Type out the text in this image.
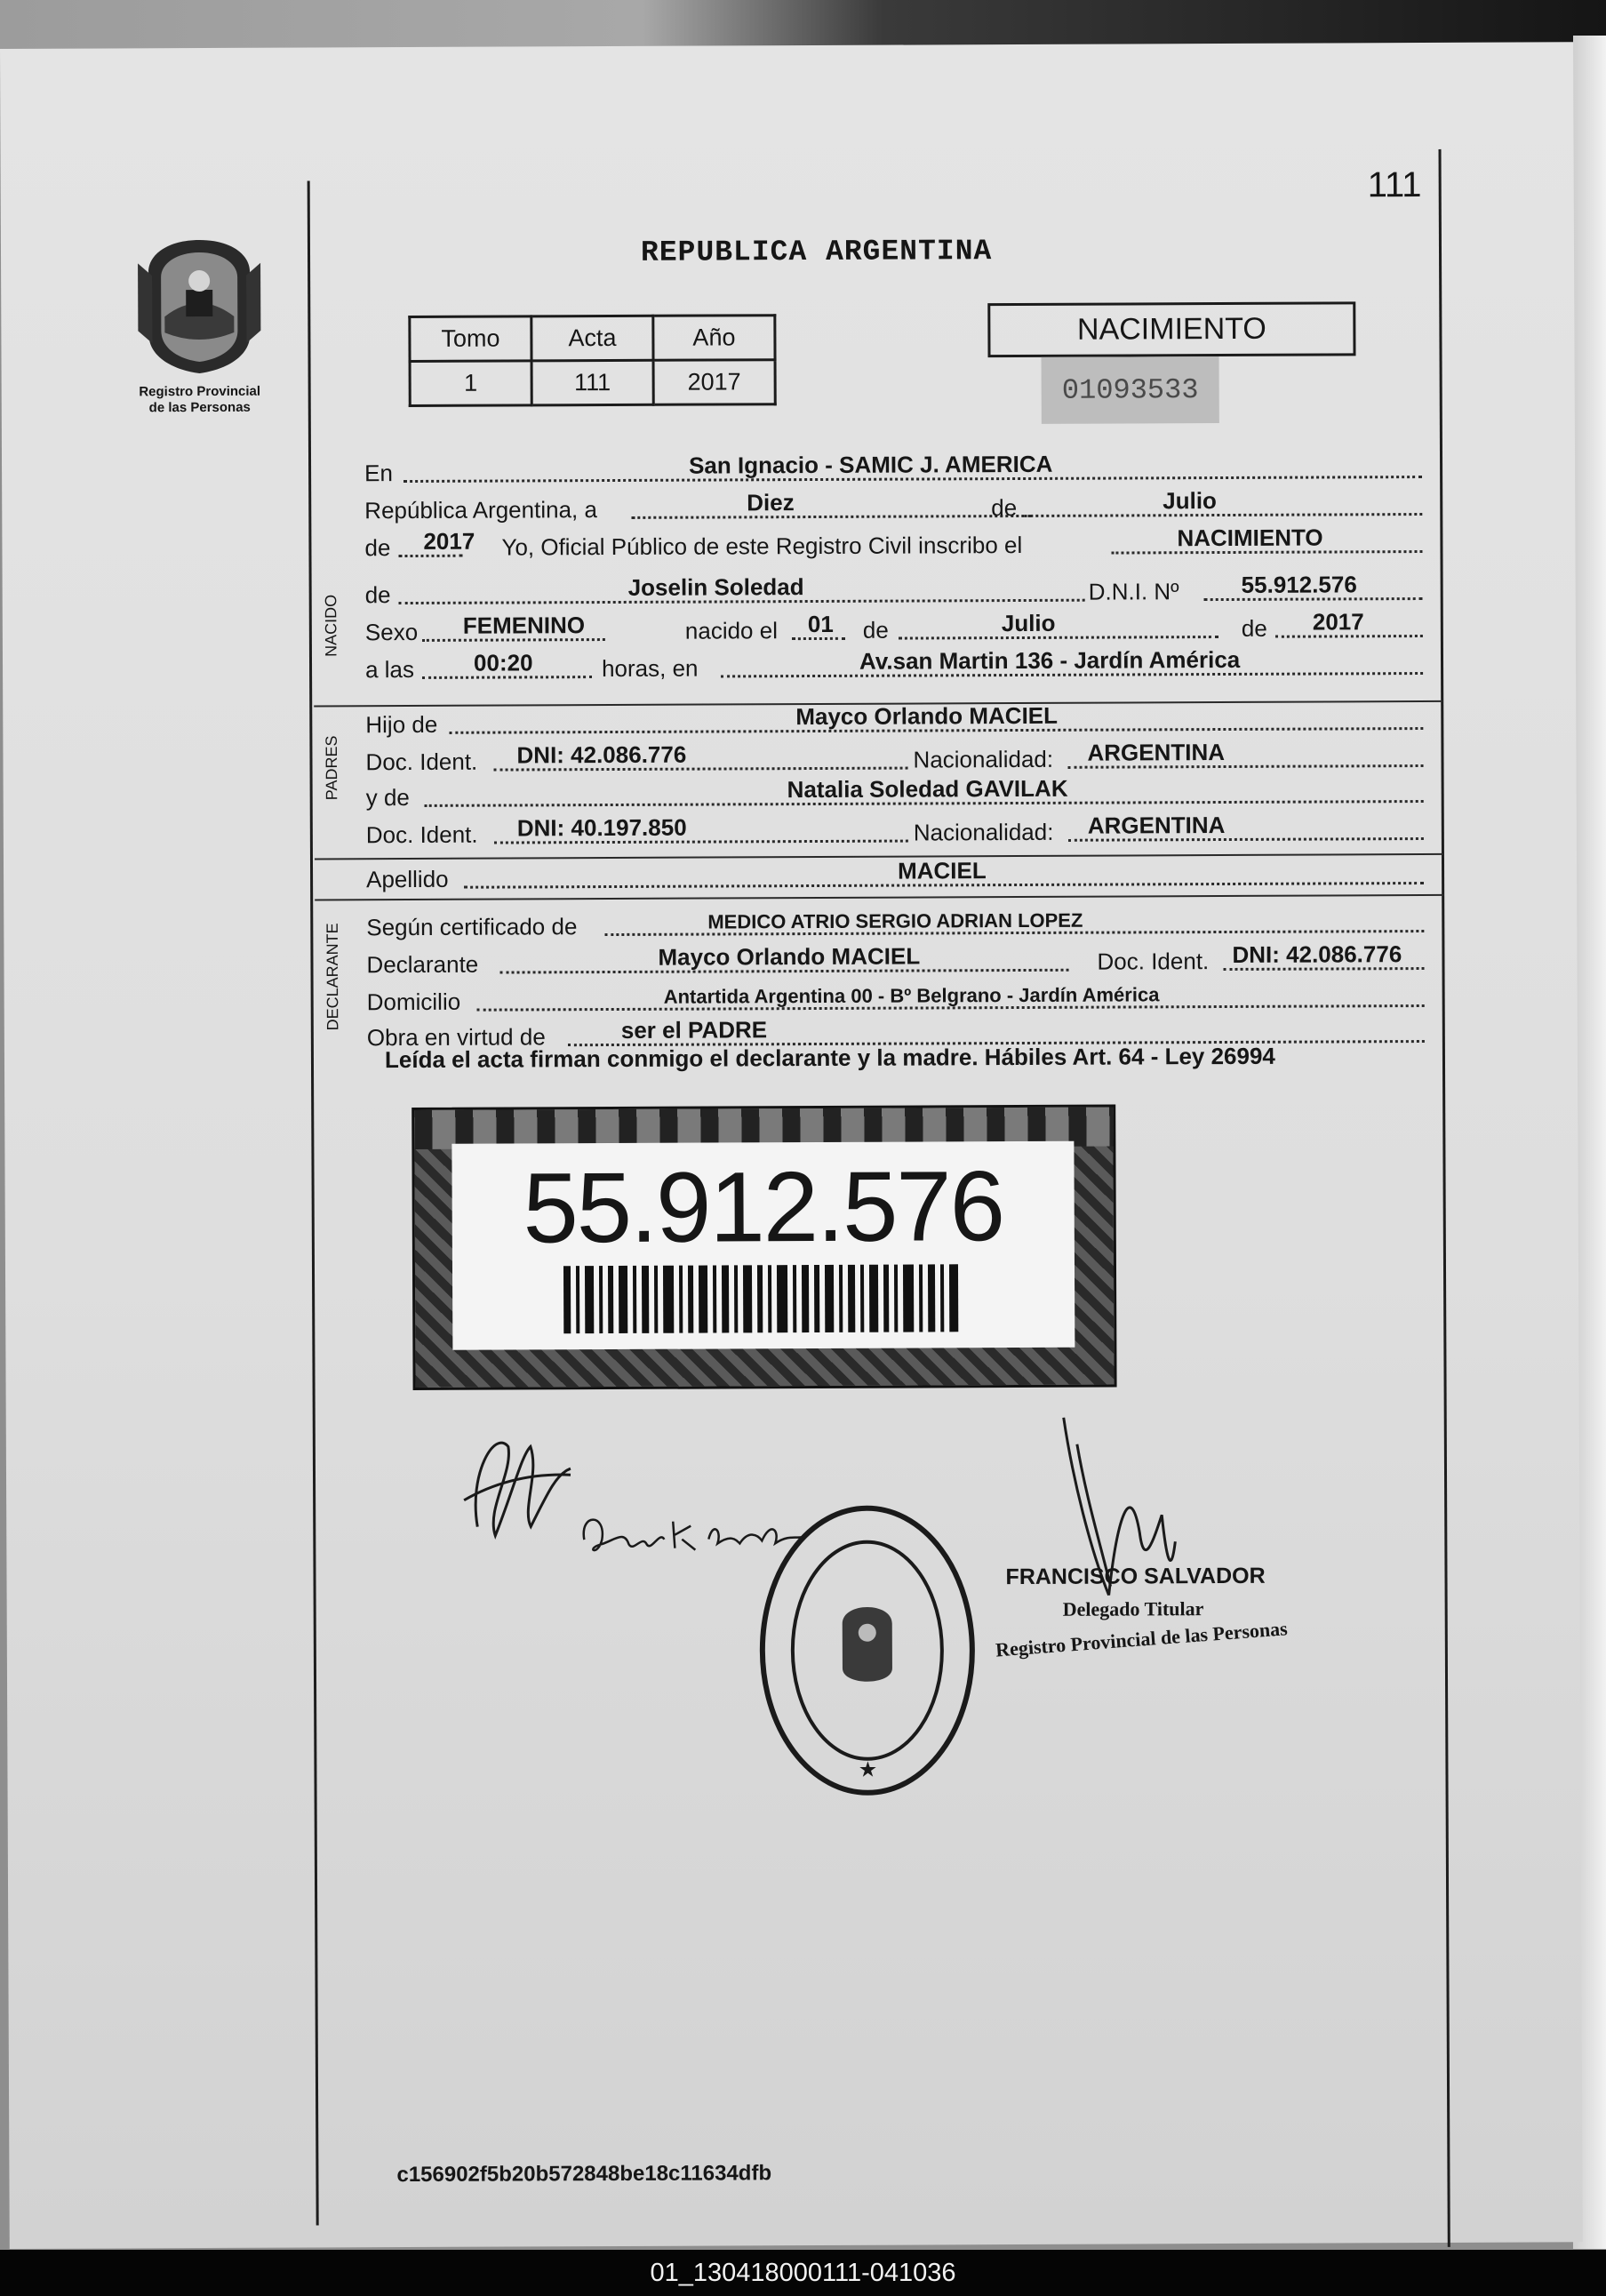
111
Registro Provincial
de las Personas
REPUBLICA ARGENTINA
Tomo	Acta	Año
1	111	2017
NACIMIENTO
01093533
En	San Ignacio - SAMIC J. AMERICA
República Argentina, a	Diez	de	Julio
de 2017 Yo, Oficial Público de este Registro Civil inscribo el	NACIMIENTO
NACIDO de	Joselin Soledad	D.N.I. Nº	55.912.576
Sexo FEMENINO	nacido el 01 de	Julio	de 2017
a las	00:20	horas, en	Av.san Martin 136 - Jardín América
PADRES
Hijo de	Mayco Orlando MACIEL
Doc. Ident. DNI: 42.086.776	Nacionalidad: ARGENTINA
y de	Natalia Soledad GAVILAK
Doc. Ident. DNI: 40.197.850	Nacionalidad: ARGENTINA
Apellido	MACIEL
DECLARANTE Según certificado de	MEDICO ATRIO SERGIO ADRIAN LOPEZ
Declarante	Mayco Orlando MACIEL	Doc. Ident. DNI: 42.086.776
Domicilio	Antartida Argentina 00 - Bº Belgrano - Jardín América
Obra en virtud de	ser el PADRE
Leída el acta firman conmigo el declarante y la madre. Hábiles Art. 64 - Ley 26994
55.912.576
★
FRANCISCO SALVADOR
Delegado Titular
Registro Provincial de las Personas
c156902f5b20b572848be18c11634dfb
01_130418000111-041036
